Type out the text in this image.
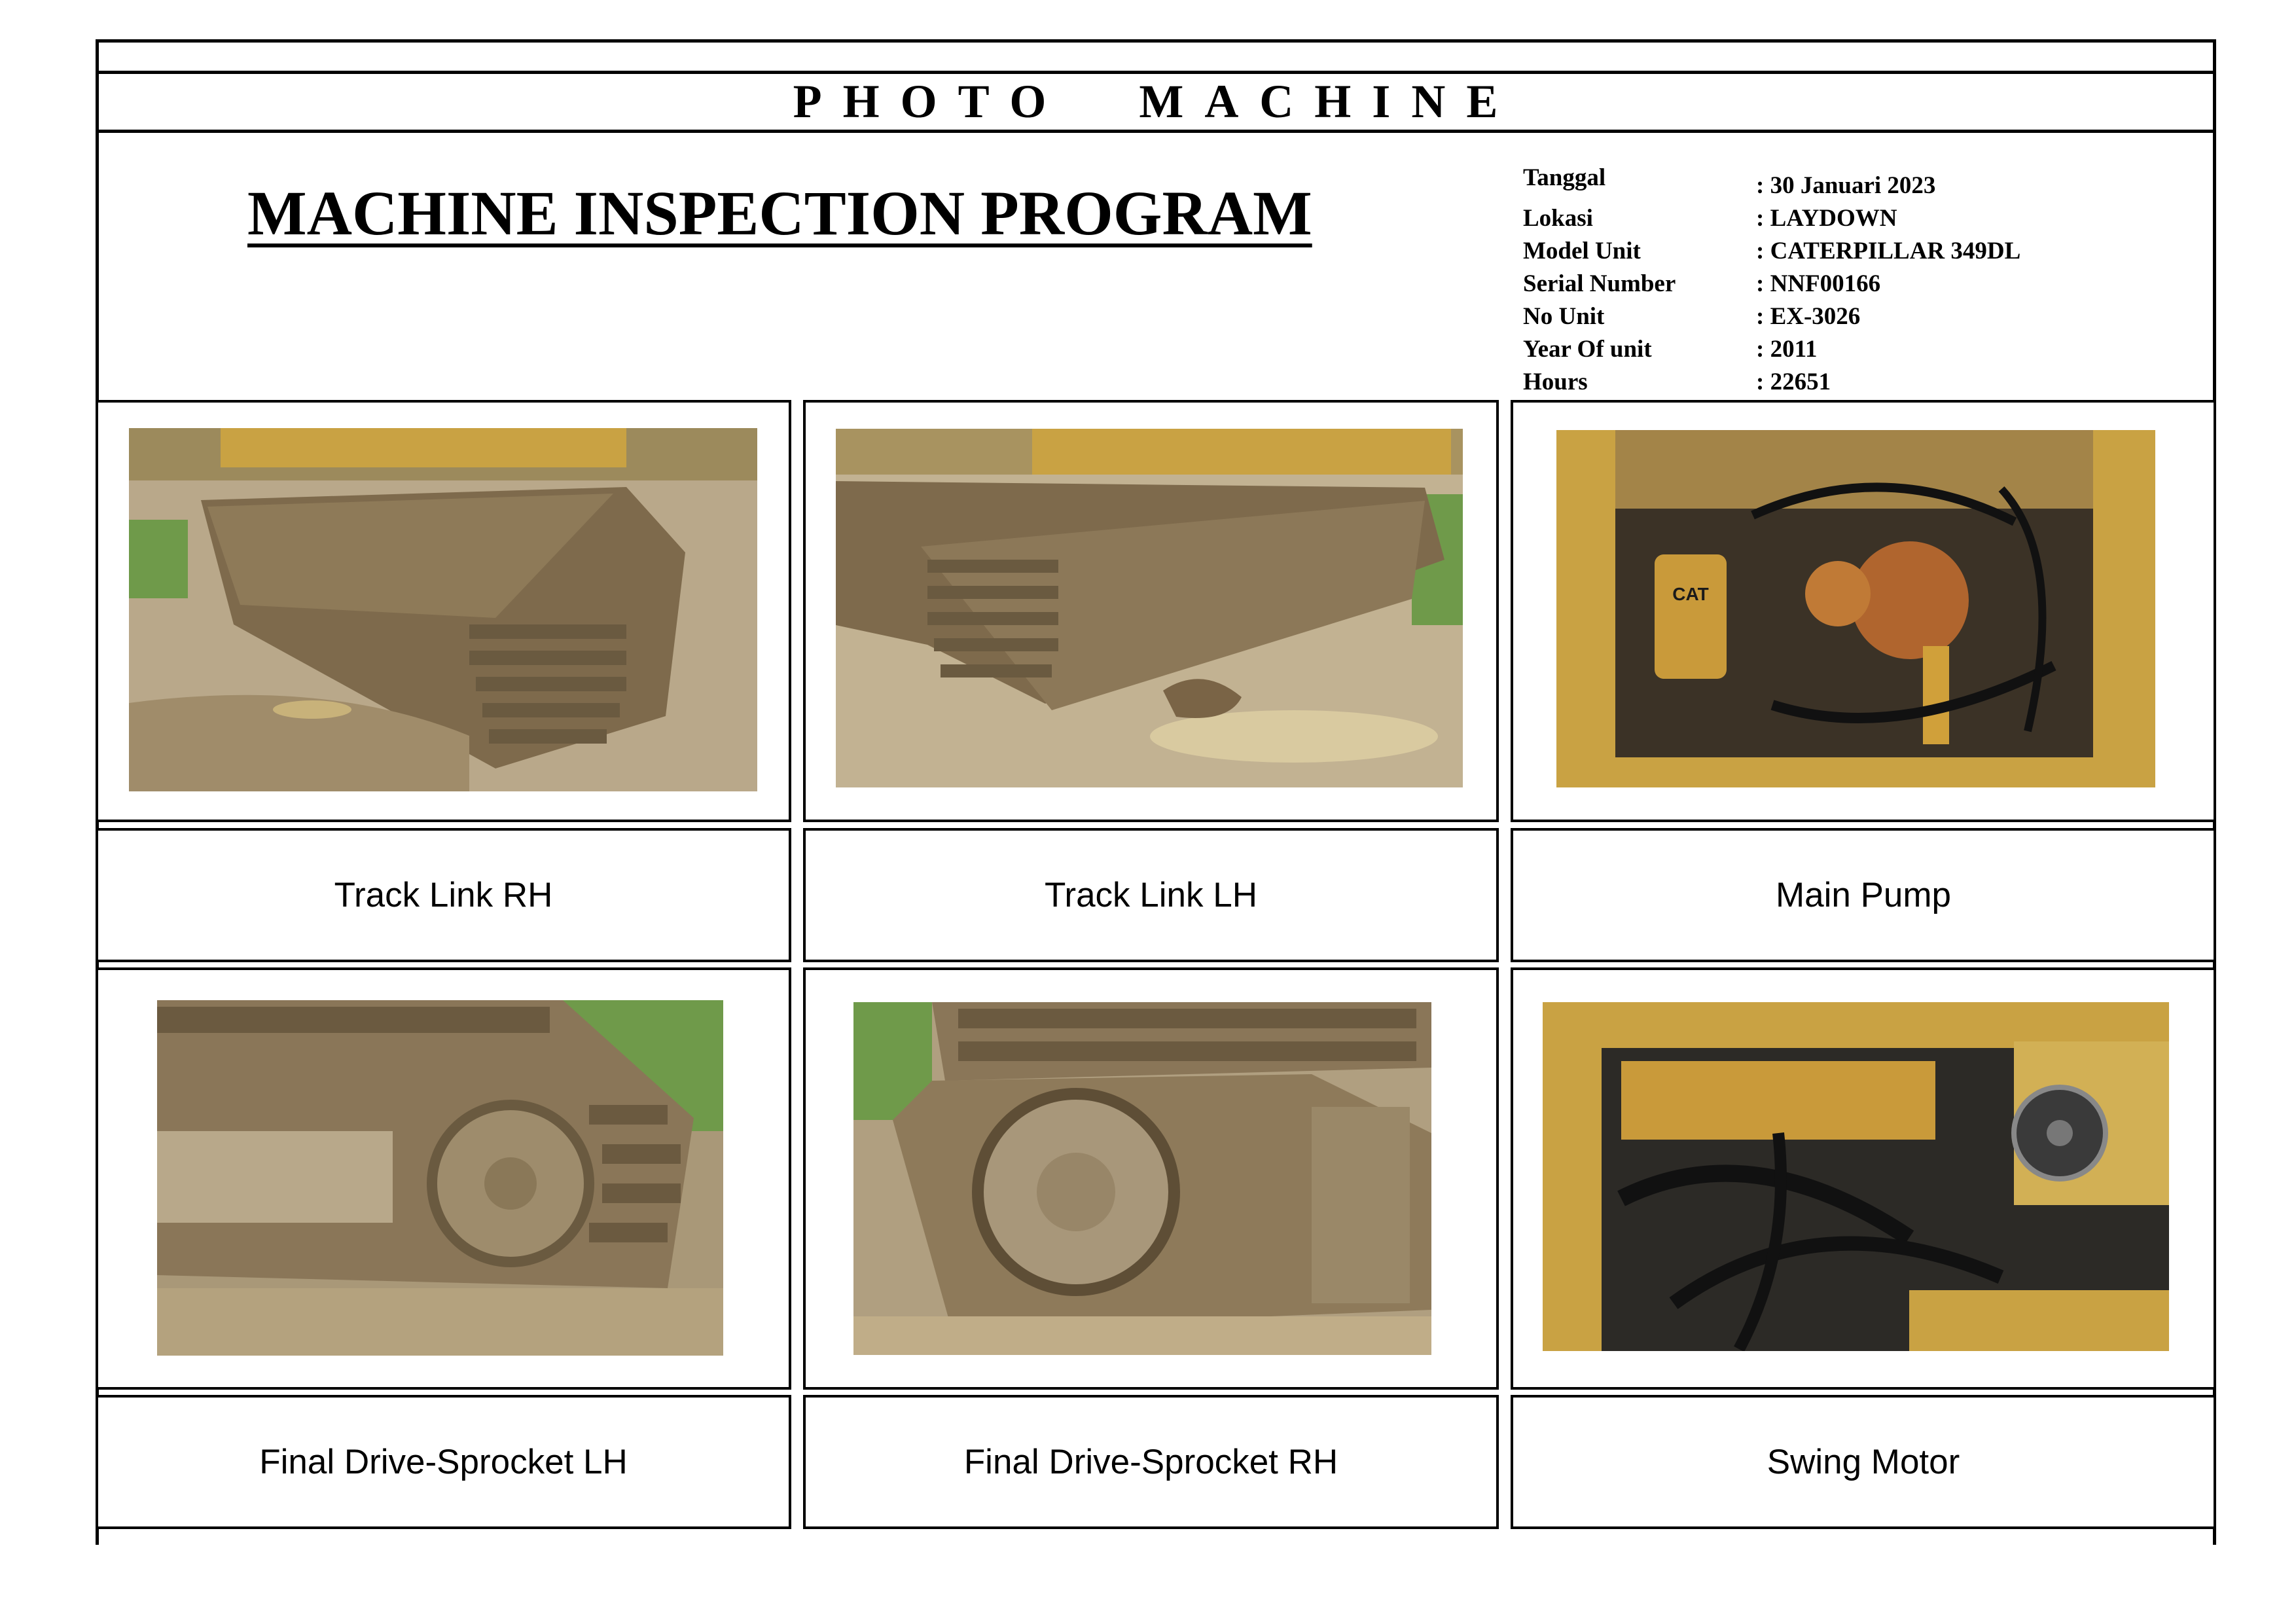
PHOTO MACHINE
MACHINE INSPECTION PROGRAM
Tanggal	: 30 Januari 2023
Lokasi	: LAYDOWN
Model Unit	: CATERPILLAR 349DL
Serial Number	: NNF00166
No Unit	: EX-3026
Year Of unit	: 2011
Hours	: 22651
CAT
Track Link RH	Track Link LH	Main Pump
Final Drive-Sprocket LH	Final Drive-Sprocket RH	Swing Motor
